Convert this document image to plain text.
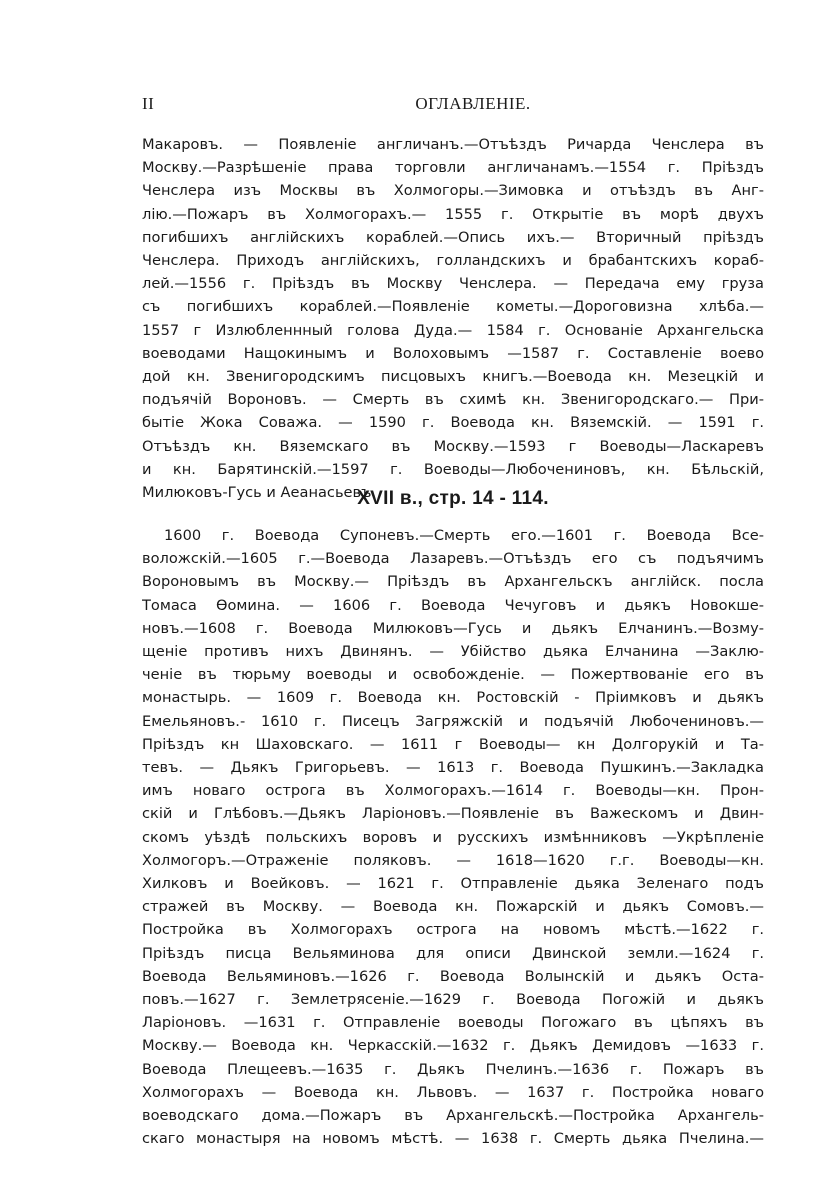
II	ОГЛАВЛЕНІЕ.

Макаровъ. — Появленіе англичанъ.—Отъѣздъ Ричарда Ченслера въ
Москву.—Разрѣшеніе права торговли англичанамъ.—1554 г. Пріѣздъ
Ченслера изъ Москвы въ Холмогоры.—Зимовка и отъѣздъ въ Анг-
лію.—Пожаръ въ Холмогорахъ.— 1555 г. Открытіе въ морѣ двухъ
погибшихъ англійскихъ кораблей.—Опись ихъ.— Вторичный пріѣздъ
Ченслера. Приходъ англійскихъ, голландскихъ и брабантскихъ кораб-
лей.—1556 г. Пріѣздъ въ Москву Ченслера. — Передача ему груза
съ погибшихъ кораблей.—Появленіе кометы.—Дороговизна хлѣба.—
1557 г Излюбленнный голова Дуда.— 1584 г. Основаніе Архангельска
воеводами Нащокинымъ и Волоховымъ —1587 г. Составленіе воево
дой кн. Звенигородскимъ писцовыхъ книгъ.—Воевода кн. Мезецкій и
подъячій Вороновъ. — Смерть въ схимѣ кн. Звенигородскаго.— При-
бытіе Жока Соважа. — 1590 г. Воевода кн. Вяземскій. — 1591 г.
Отъѣздъ кн. Вяземскаго въ Москву.—1593 г Воеводы—Ласкаревъ
и кн. Барятинскій.—1597 г. Воеводы—Любочениновъ, кн. Бѣльскій,
Милюковъ-Гусь и Аеанасьевъ.

XVII в., стр. 14 - 114.

1600 г. Воевода Супоневъ.—Смерть его.—1601 г. Воевода Все-
воложскій.—1605 г.—Воевода Лазаревъ.—Отъѣздъ его съ подъячимъ
Вороновымъ въ Москву.— Пріѣздъ въ Архангельскъ англійск. посла
Томаса Өомина. — 1606 г. Воевода Чечуговъ и дьякъ Новокше-
новъ.—1608 г. Воевода Милюковъ—Гусь и дьякъ Елчанинъ.—Возму-
щеніе противъ нихъ Двинянъ. — Убійство дьяка Елчанина —Заклю-
ченіе въ тюрьму воеводы и освобожденіе. — Пожертвованіе его въ
монастырь. — 1609 г. Воевода кн. Ростовскій - Пріимковъ и дьякъ
Емельяновъ.- 1610 г. Писецъ Загряжскій и подъячій Любочениновъ.—
Пріѣздъ кн Шаховскаго. — 1611 г Воеводы— кн Долгорукій и Та-
тевъ. — Дьякъ Григорьевъ. — 1613 г. Воевода Пушкинъ.—Закладка
имъ новаго острога въ Холмогорахъ.—1614 г. Воеводы—кн. Прон-
скій и Глѣбовъ.—Дьякъ Ларіоновъ.—Появленіе въ Важескомъ и Двин-
скомъ уѣздѣ польскихъ воровъ и русскихъ измѣнниковъ —Укрѣпленіе
Холмогоръ.—Отраженіе поляковъ. — 1618—1620 г.г. Воеводы—кн.
Хилковъ и Воейковъ. — 1621 г. Отправленіе дьяка Зеленаго подъ
стражей въ Москву. — Воевода кн. Пожарскій и дьякъ Сомовъ.—
Постройка въ Холмогорахъ острога на новомъ мѣстѣ.—1622 г.
Пріѣздъ писца Вельяминова для описи Двинской земли.—1624 г.
Воевода Вельяминовъ.—1626 г. Воевода Волынскій и дьякъ Оста-
повъ.—1627 г. Землетрясеніе.—1629 г. Воевода Погожій и дьякъ
Ларіоновъ. —1631 г. Отправленіе воеводы Погожаго въ цѣпяхъ въ
Москву.— Воевода кн. Черкасскій.—1632 г. Дьякъ Демидовъ —1633 г.
Воевода Плещеевъ.—1635 г. Дьякъ Пчелинъ.—1636 г. Пожаръ въ
Холмогорахъ — Воевода кн. Львовъ. — 1637 г. Постройка новаго
воеводскаго дома.—Пожаръ въ Архангельскѣ.—Постройка Архангель-
скаго монастыря на новомъ мѣстѣ. — 1638 г. Смерть дьяка Пчелина.—
